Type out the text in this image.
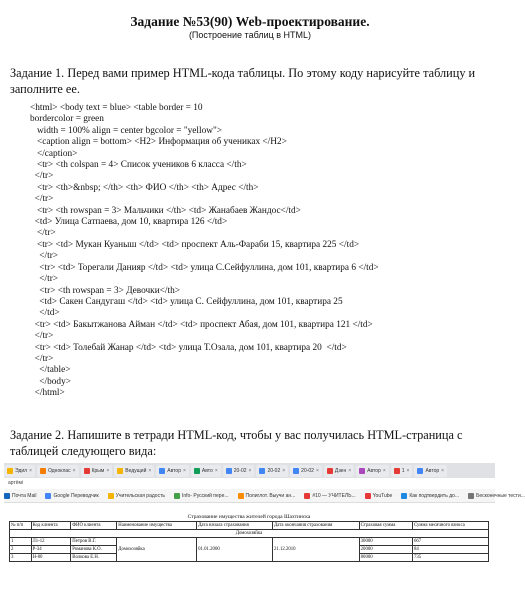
Задание №53(90) Web-проектирование.
(Построение таблиц в HTML)
Задание 1. Перед вами пример HTML-кода таблицы. По этому коду нарисуйте таблицу и заполните ее.
<html> <body text = blue> <table border = 10
bordercolor = green
width = 100% align = center bgcolor = "yellow">
<caption align = bottom> <H2> Информация об учениках </H2>
</caption>
<tr> <th colspan = 4> Список учеников 6 класса </th>
</tr>
<tr> <th>&nbsp; </th> <th> ФИО </th> <th> Адрес </th>
</tr>
<tr> <th rowspan = 3> Мальчики </th> <td> Жанабаев Жандос</td>
<td> Улица Сатпаева, дом 10, квартира 126 </td>
</tr>
<tr> <td> Мукан Куаныш </td> <td> проспект Аль-Фараби 15, квартира 225 </td>
</tr>
<tr> <td> Торегали Данияр </td> <td> улица С.Сейфуллина, дом 101, квартира 6 </td>
</tr>
<tr> <th rowspan = 3> Девочки</th>
<td> Сакен Сандугаш </td> <td> улица С. Сейфуллина, дом 101, квартира 25
</td>
<tr> <td> Бакытжанова Айман </td> <td> проспект Абая, дом 101, квартира 121 </td>
</tr>
<tr> <td> Толебай Жанар </td> <td> улица Т.Озала, дом 101, квартира 20  </td>
</tr>
</table>
</body>
</html>
Задание 2. Напишите в тетради HTML-код, чтобы у вас получилась HTML-страница с таблицей следующего вида:
Эдил ×	Одноклас ×	Крым ×	Ведущий ×	Автор ×	Авто ×	20-02 ×	20-02 ×	20-02 ×	Дзен ×	Автор ×	1 ×	Автор ×
артёмі
Почта Mail	Google Переводчик	Учительская радость	Info- Русский пере...	Полиглот. Выучи ан...	#10 — УЧИТЕЛЬ...	YouTube	Как подтвердить до...	Бесконечные тести...
Страхование имущества жителей города Шахтинска
№ п/п	Код клиента	ФИО клиента	Наименование имущества	Дата начала страхования	Дата окончания страхования	Страховая сумма	Сумма месячного взноса
Домохозяйка							
1	Л1-12	Петров В.Г.	Домохозяйка	01.01.2000	21.12.2010	30000	667
2	Р-34	Романова К.О.				20000	84
3	Н-80	Волкова Е.Н.				80000	735
